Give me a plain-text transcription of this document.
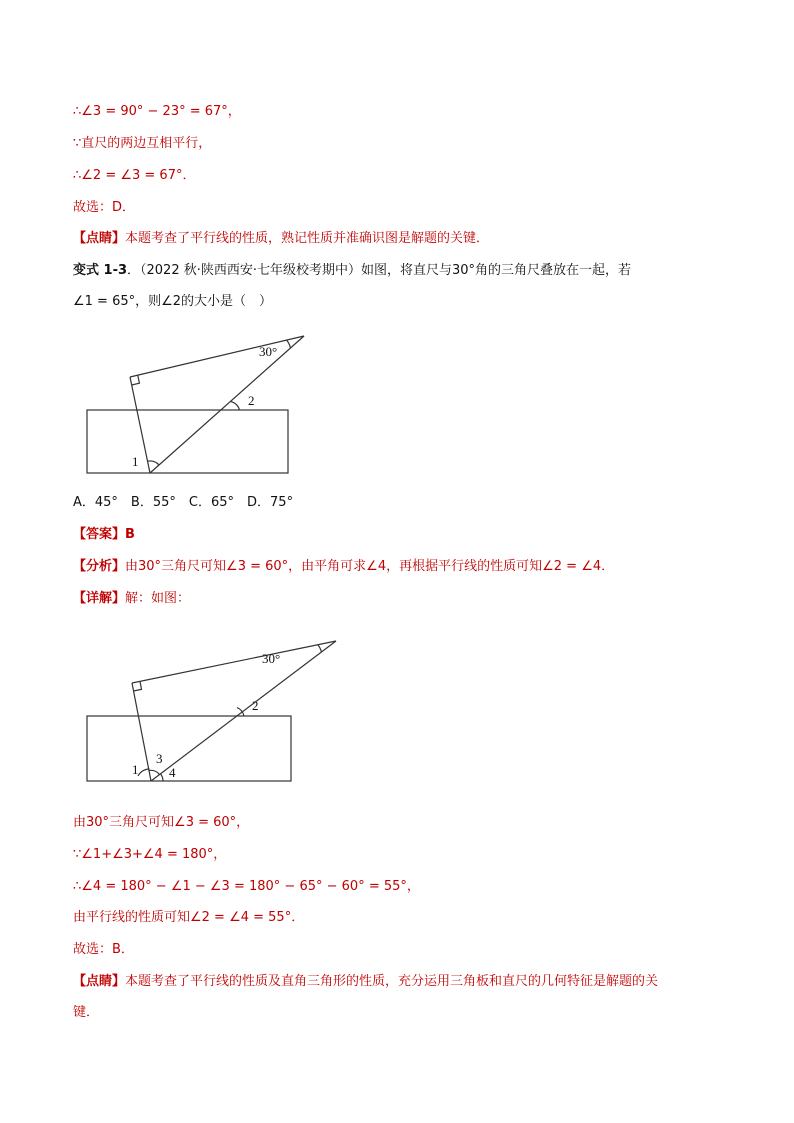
∴∠3 = 90° − 23° = 67°，
∵直尺的两边互相平行，
∴∠2 = ∠3 = 67°．
故选：D．
【点睛】本题考查了平行线的性质，熟记性质并准确识图是解题的关键．
变式 1-3．（2022 秋·陕西西安·七年级校考期中）如图，将直尺与30°角的三角尺叠放在一起，若
∠1 = 65°，则∠2的大小是（　）
30°
1
2
A．45°　B．55°　C．65°　D．75°
【答案】B
【分析】由30°三角尺可知∠3 = 60°，由平角可求∠4，再根据平行线的性质可知∠2 = ∠4．
【详解】解：如图：
30°
1
2
3
4
由30°三角尺可知∠3 = 60°，
∵∠1+∠3+∠4 = 180°，
∴∠4 = 180° − ∠1 − ∠3 = 180° − 65° − 60° = 55°，
由平行线的性质可知∠2 = ∠4 = 55°．
故选：B．
【点睛】本题考查了平行线的性质及直角三角形的性质，充分运用三角板和直尺的几何特征是解题的关
键．
